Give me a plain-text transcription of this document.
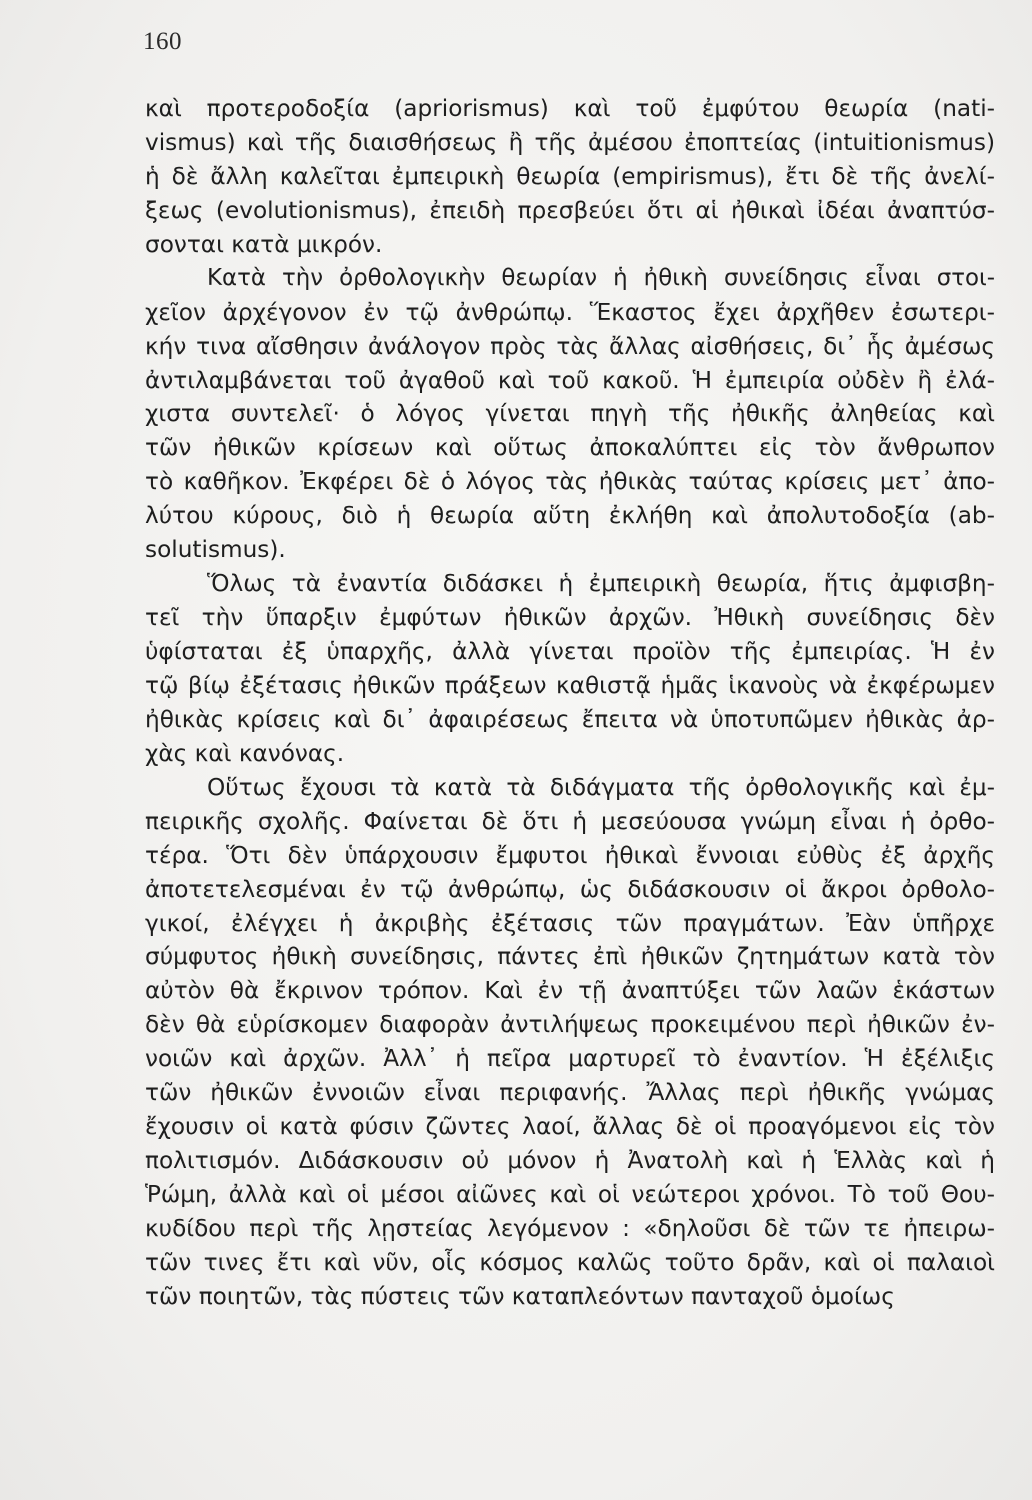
160
καὶ προτεροδοξία (apriorismus) καὶ τοῦ ἐμφύτου θεωρία (nati-
vismus) καὶ τῆς διαισθήσεως ἢ τῆς ἀμέσου ἐποπτείας (intuitionismus)
ἡ δὲ ἄλλη καλεῖται ἐμπειρικὴ θεωρία (empirismus), ἔτι δὲ τῆς ἀνελί-
ξεως (evolutionismus), ἐπειδὴ πρεσβεύει ὅτι αἱ ἠθικαὶ ἰδέαι ἀναπτύσ-
σονται κατὰ μικρόν.
Κατὰ τὴν ὀρθολογικὴν θεωρίαν ἡ ἠθικὴ συνείδησις εἶναι στοι-
χεῖον ἀρχέγονον ἐν τῷ ἀνθρώπῳ. Ἕκαστος ἔχει ἀρχῆθεν ἐσωτερι-
κήν τινα αἴσθησιν ἀνάλογον πρὸς τὰς ἄλλας αἰσθήσεις, δι᾽ ἧς ἀμέσως
ἀντιλαμβάνεται τοῦ ἀγαθοῦ καὶ τοῦ κακοῦ. Ἡ ἐμπειρία οὐδὲν ἢ ἐλά-
χιστα συντελεῖ· ὁ λόγος γίνεται πηγὴ τῆς ἠθικῆς ἀληθείας καὶ
τῶν ἠθικῶν κρίσεων καὶ οὕτως ἀποκαλύπτει εἰς τὸν ἄνθρωπον
τὸ καθῆκον. Ἐκφέρει δὲ ὁ λόγος τὰς ἠθικὰς ταύτας κρίσεις μετ᾽ ἀπο-
λύτου κύρους, διὸ ἡ θεωρία αὕτη ἐκλήθη καὶ ἀπολυτοδοξία (ab-
solutismus).
Ὅλως τὰ ἐναντία διδάσκει ἡ ἐμπειρικὴ θεωρία, ἥτις ἀμφισβη-
τεῖ τὴν ὕπαρξιν ἐμφύτων ἠθικῶν ἀρχῶν. Ἠθικὴ συνείδησις δὲν
ὑφίσταται ἐξ ὑπαρχῆς, ἀλλὰ γίνεται προϊὸν τῆς ἐμπειρίας. Ἡ ἐν
τῷ βίῳ ἐξέτασις ἠθικῶν πράξεων καθιστᾷ ἡμᾶς ἱκανοὺς νὰ ἐκφέρωμεν
ἠθικὰς κρίσεις καὶ δι᾽ ἀφαιρέσεως ἔπειτα νὰ ὑποτυπῶμεν ἠθικὰς ἀρ-
χὰς καὶ κανόνας.
Οὕτως ἔχουσι τὰ κατὰ τὰ διδάγματα τῆς ὀρθολογικῆς καὶ ἐμ-
πειρικῆς σχολῆς. Φαίνεται δὲ ὅτι ἡ μεσεύουσα γνώμη εἶναι ἡ ὀρθο-
τέρα. Ὅτι δὲν ὑπάρχουσιν ἔμφυτοι ἠθικαὶ ἔννοιαι εὐθὺς ἐξ ἀρχῆς
ἀποτετελεσμέναι ἐν τῷ ἀνθρώπῳ, ὡς διδάσκουσιν οἱ ἄκροι ὀρθολο-
γικοί, ἐλέγχει ἡ ἀκριβὴς ἐξέτασις τῶν πραγμάτων. Ἐὰν ὑπῆρχε
σύμφυτος ἠθικὴ συνείδησις, πάντες ἐπὶ ἠθικῶν ζητημάτων κατὰ τὸν
αὐτὸν θὰ ἔκρινον τρόπον. Καὶ ἐν τῇ ἀναπτύξει τῶν λαῶν ἑκάστων
δὲν θὰ εὑρίσκομεν διαφορὰν ἀντιλήψεως προκειμένου περὶ ἠθικῶν ἐν-
νοιῶν καὶ ἀρχῶν. Ἀλλ᾽ ἡ πεῖρα μαρτυρεῖ τὸ ἐναντίον. Ἡ ἐξέλιξις
τῶν ἠθικῶν ἐννοιῶν εἶναι περιφανής. Ἄλλας περὶ ἠθικῆς γνώμας
ἔχουσιν οἱ κατὰ φύσιν ζῶντες λαοί, ἄλλας δὲ οἱ προαγόμενοι εἰς τὸν
πολιτισμόν. Διδάσκουσιν οὐ μόνον ἡ Ἀνατολὴ καὶ ἡ Ἑλλὰς καὶ ἡ
Ῥώμη, ἀλλὰ καὶ οἱ μέσοι αἰῶνες καὶ οἱ νεώτεροι χρόνοι. Τὸ τοῦ Θου-
κυδίδου περὶ τῆς λῃστείας λεγόμενον : «δηλοῦσι δὲ τῶν τε ἠπειρω-
τῶν τινες ἔτι καὶ νῦν, οἷς κόσμος καλῶς τοῦτο δρᾶν, καὶ οἱ παλαιοὶ
τῶν ποιητῶν, τὰς πύστεις τῶν καταπλεόντων πανταχοῦ ὁμοίως
